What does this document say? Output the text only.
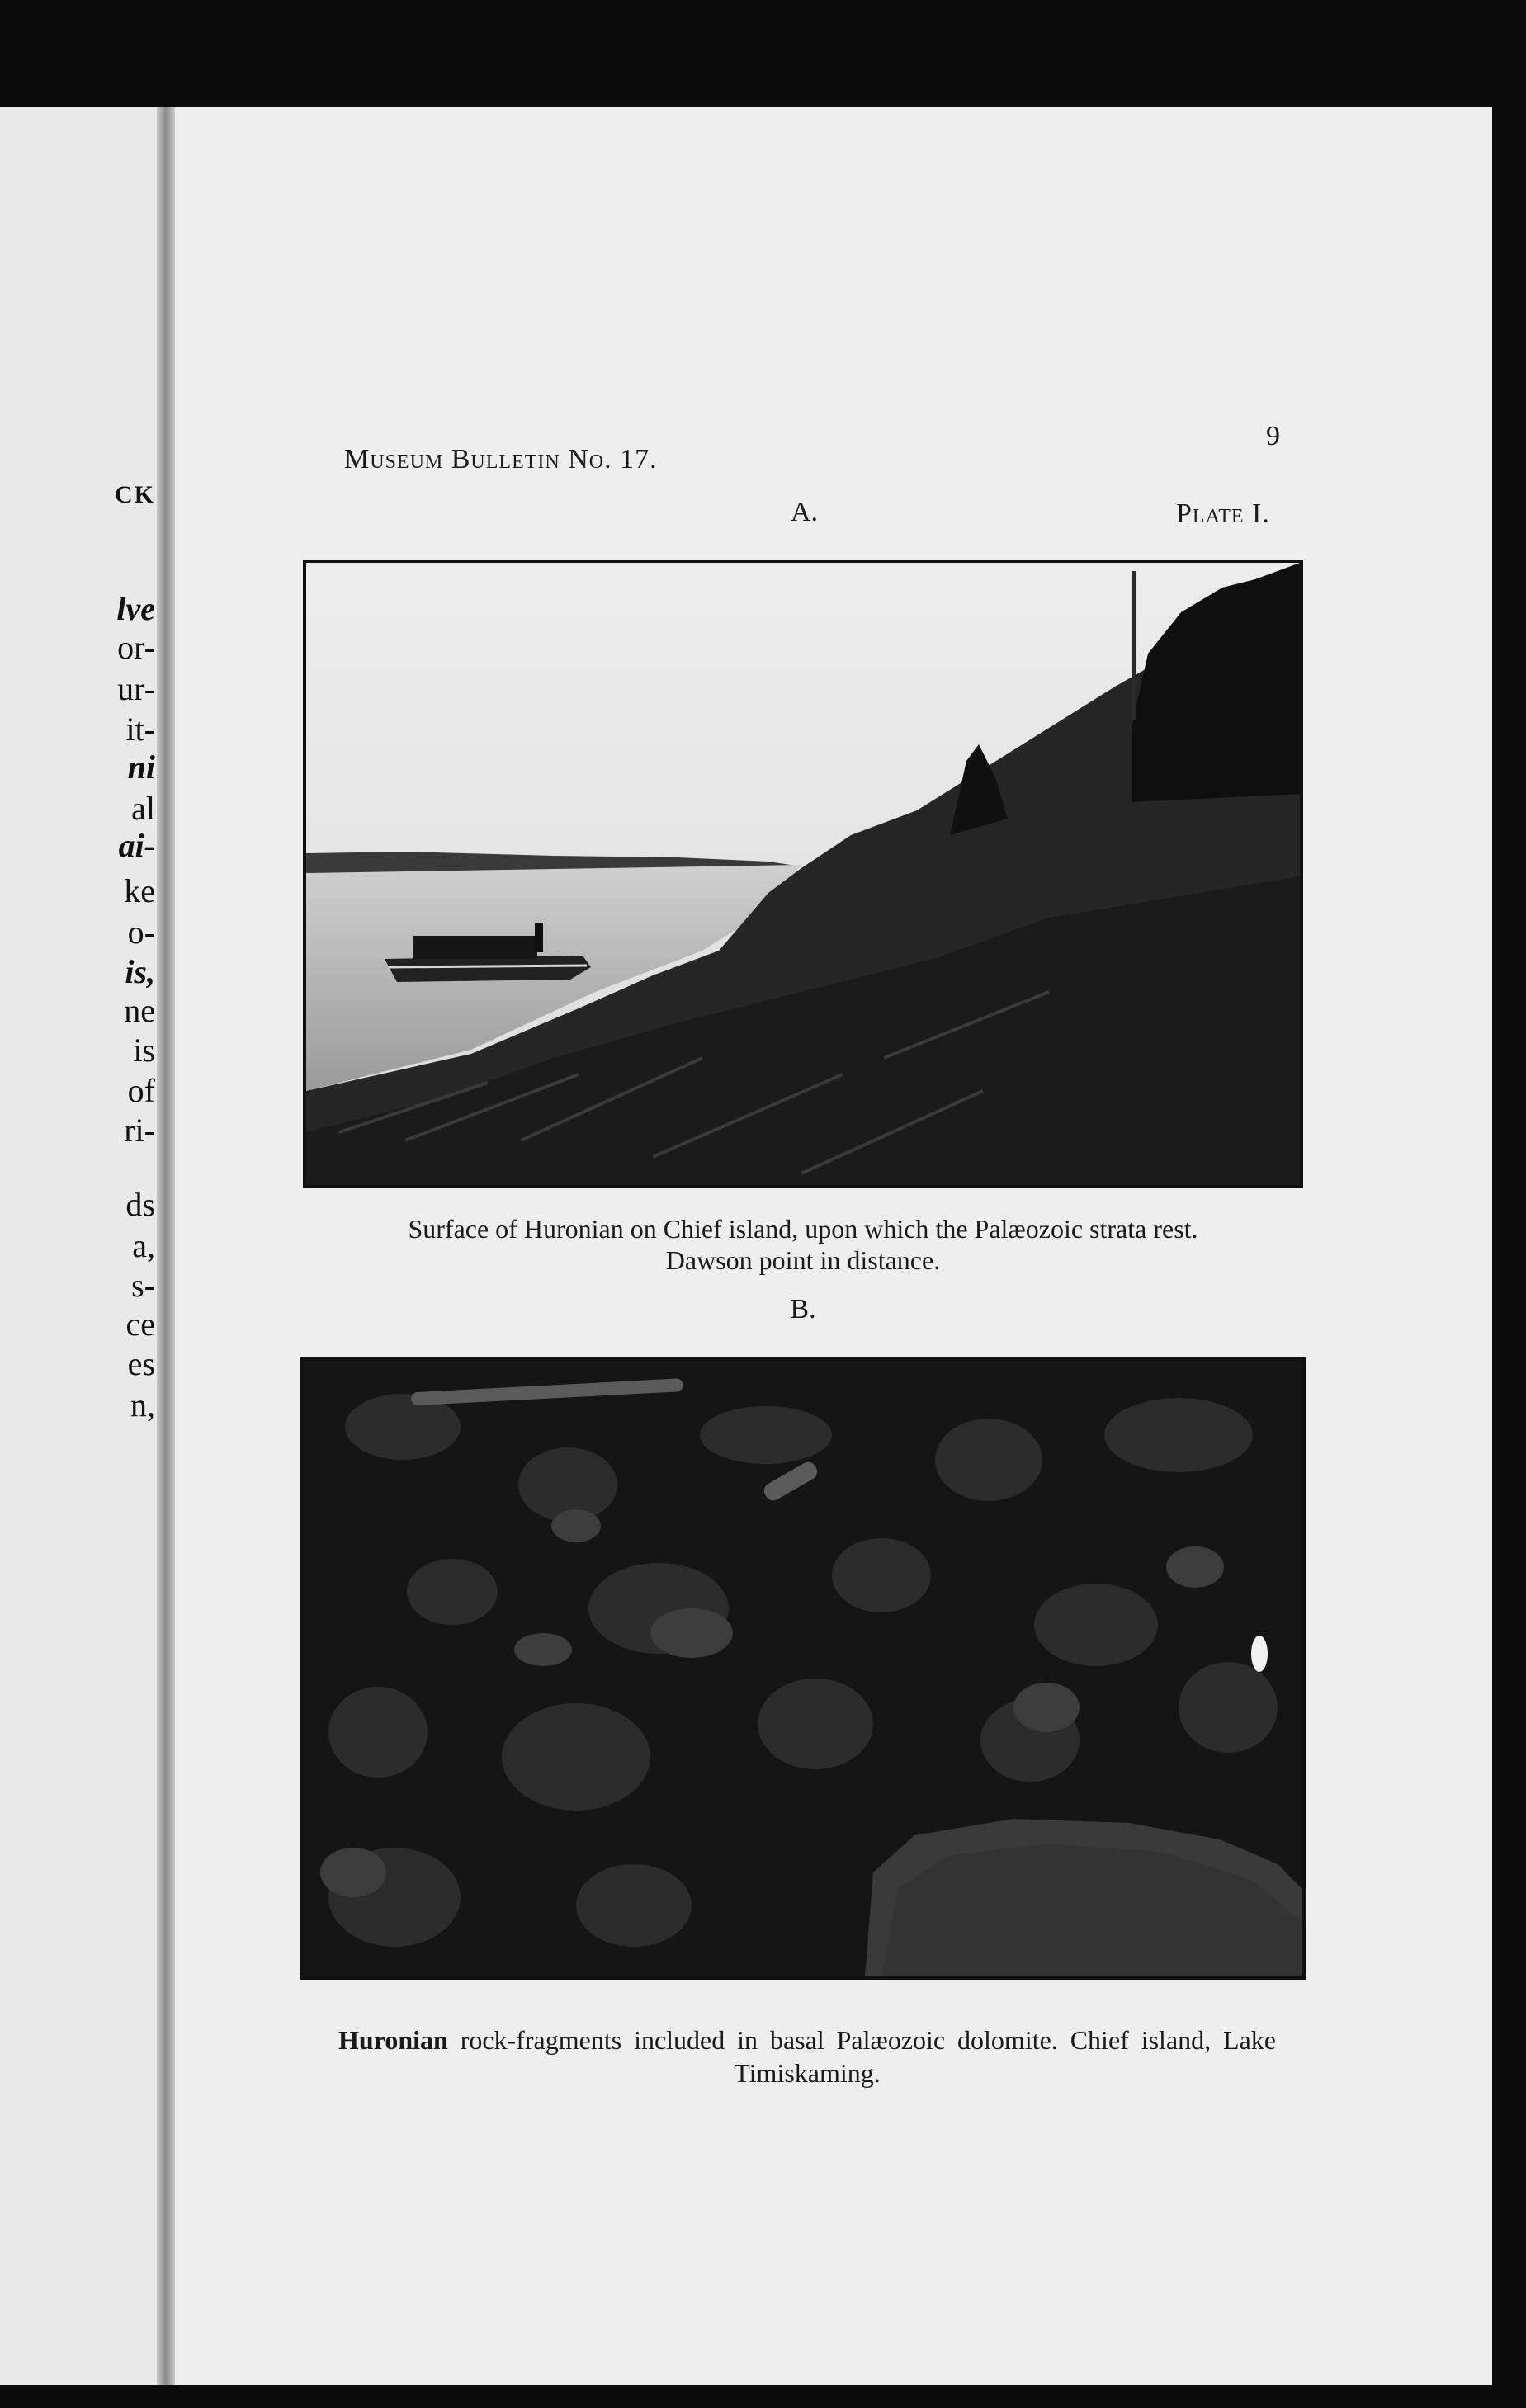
CK
lve
or-
ur-
it-
ni
al
ai-
ke
o-
is,
ne
is
of
ri-
ds
a,
s-
ce
es
n,
Museum Bulletin No. 17.
9
A.	Plate I.
Surface of Huronian on Chief island, upon which the Palæozoic strata rest.
Dawson point in distance.
B.
Huronian rock-fragments included in basal Palæozoic dolomite. Chief island, Lake Timiskaming.
